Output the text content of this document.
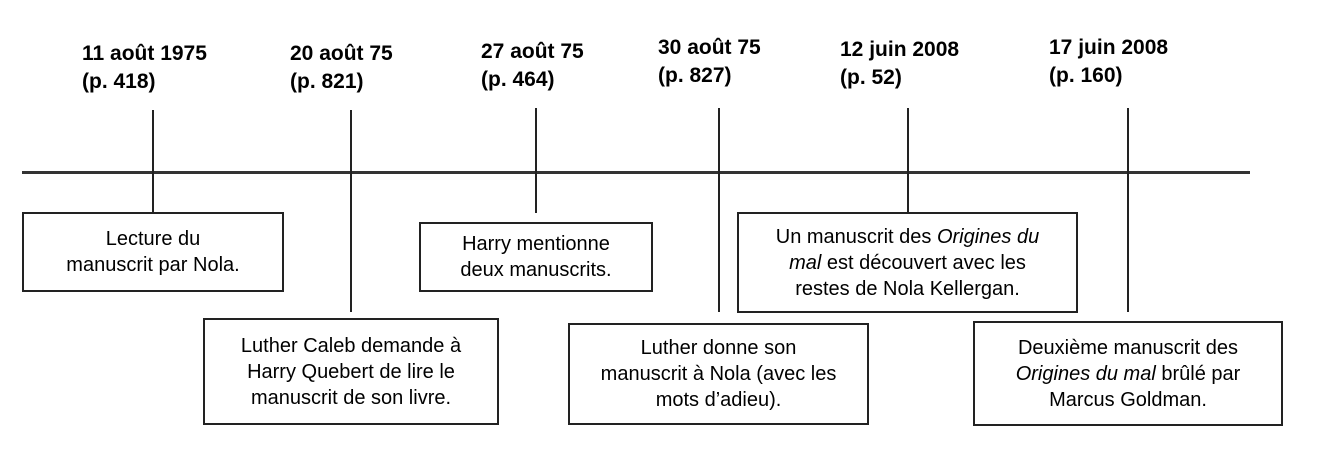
11 août 1975
(p. 418)
20 août 75
(p. 821)
27 août 75
(p. 464)
30 août 75
(p. 827)
12 juin 2008
(p. 52)
17 juin 2008
(p. 160)
Lecture du
manuscrit par Nola.
Luther Caleb demande à
Harry Quebert de lire le
manuscrit de son livre.
Harry mentionne
deux manuscrits.
Luther donne son
manuscrit à Nola (avec les
mots d’adieu).
Un manuscrit des Origines du
mal est découvert avec les
restes de Nola Kellergan.
Deuxième manuscrit des
Origines du mal brûlé par
Marcus Goldman.
